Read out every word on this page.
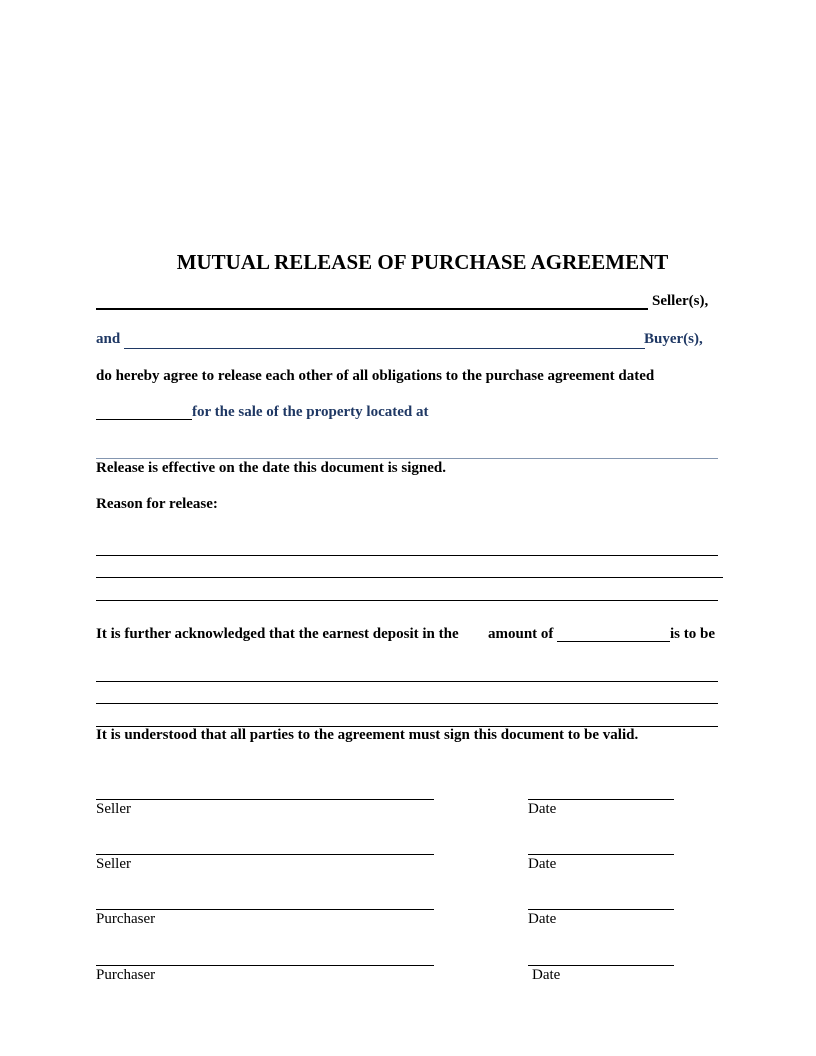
MUTUAL RELEASE OF PURCHASE AGREEMENT
Seller(s),
and	Buyer(s),
do hereby agree to release each other of all obligations to the purchase agreement dated
for the sale of the property located at
Release is effective on the date this document is signed.
Reason for release:
It is further acknowledged that the earnest deposit in the amount of	is to be
It is understood that all parties to the agreement must sign this document to be valid.
Seller	Date
Seller	Date
Purchaser	Date
Purchaser	Date
